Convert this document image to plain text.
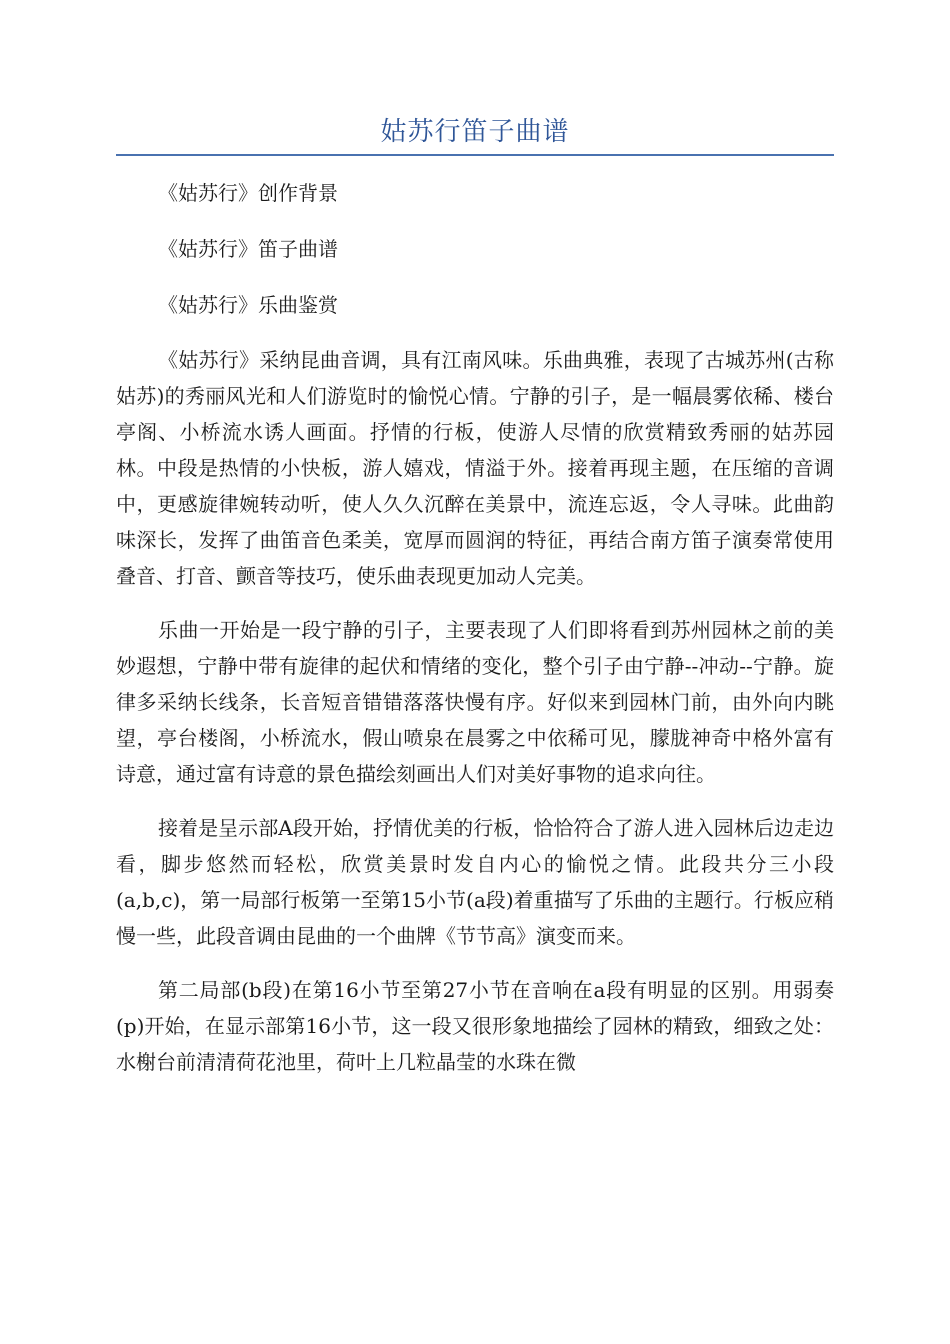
姑苏行笛子曲谱
《姑苏行》创作背景
《姑苏行》笛子曲谱
《姑苏行》乐曲鉴赏

《姑苏行》采纳昆曲音调，具有江南风味。乐曲典雅，表现了古城苏州(古称姑苏)的秀丽风光和人们游览时的愉悦心情。宁静的引子，是一幅晨雾依稀、楼台亭阁、小桥流水诱人画面。抒情的行板，使游人尽情的欣赏精致秀丽的姑苏园林。中段是热情的小快板，游人嬉戏，情溢于外。接着再现主题，在压缩的音调中，更感旋律婉转动听，使人久久沉醉在美景中，流连忘返，令人寻味。此曲韵味深长，发挥了曲笛音色柔美，宽厚而圆润的特征，再结合南方笛子演奏常使用叠音、打音、颤音等技巧，使乐曲表现更加动人完美。

乐曲一开始是一段宁静的引子，主要表现了人们即将看到苏州园林之前的美妙遐想，宁静中带有旋律的起伏和情绪的变化，整个引子由宁静--冲动--宁静。旋律多采纳长线条，长音短音错错落落快慢有序。好似来到园林门前，由外向内眺望，亭台楼阁，小桥流水，假山喷泉在晨雾之中依稀可见，朦胧神奇中格外富有诗意，通过富有诗意的景色描绘刻画出人们对美好事物的追求向往。

接着是呈示部A段开始，抒情优美的行板，恰恰符合了游人进入园林后边走边看，脚步悠然而轻松，欣赏美景时发自内心的愉悦之情。此段共分三小段(a,b,c)，第一局部行板第一至第15小节(a段)着重描写了乐曲的主题行。行板应稍慢一些，此段音调由昆曲的一个曲牌《节节高》演变而来。

第二局部(b段)在第16小节至第27小节在音响在a段有明显的区别。用弱奏(p)开始，在显示部第16小节，这一段又很形象地描绘了园林的精致，细致之处：水榭台前清清荷花池里，荷叶上几粒晶莹的水珠在微
